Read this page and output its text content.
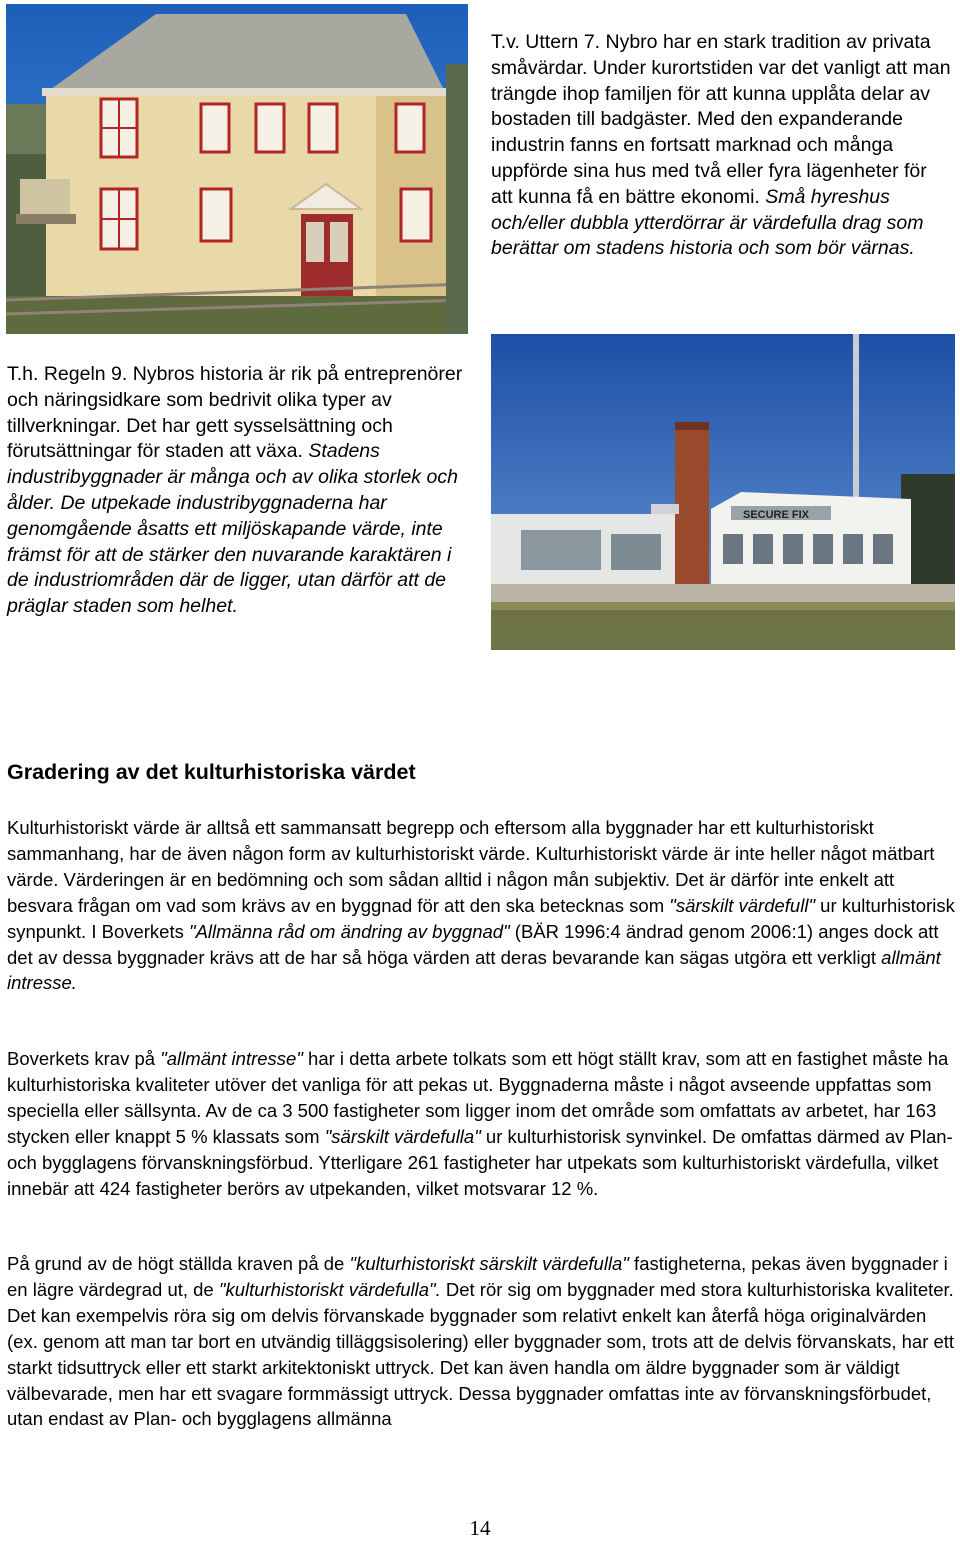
T.v. Uttern 7. Nybro har en stark tradition av privata småvärdar. Under kurortstiden var det vanligt att man trängde ihop familjen för att kunna upplåta delar av bostaden till badgäster. Med den expanderande industrin fanns en fortsatt marknad och många uppförde sina hus med två eller fyra lägenheter för att kunna få en bättre ekonomi. Små hyreshus och/eller dubbla ytterdörrar är värdefulla drag som berättar om stadens historia och som bör värnas.

T.h. Regeln 9. Nybros historia är rik på entreprenörer och näringsidkare som bedrivit olika typer av tillverkningar. Det har gett sysselsättning och förutsättningar för staden att växa. Stadens industribyggnader är många och av olika storlek och ålder. De utpekade industribyggnaderna har genomgående åsatts ett miljöskapande värde, inte främst för att de stärker den nuvarande karaktären i de industriområden där de ligger, utan därför att de präglar staden som helhet.

SECURE FIX
Gradering av det kulturhistoriska värdet

Kulturhistoriskt värde är alltså ett sammansatt begrepp och eftersom alla byggnader har ett kulturhistoriskt sammanhang, har de även någon form av kulturhistoriskt värde. Kulturhistoriskt värde är inte heller något mätbart värde. Värderingen är en bedömning och som sådan alltid i någon mån subjektiv. Det är därför inte enkelt att besvara frågan om vad som krävs av en byggnad för att den ska betecknas som "särskilt värdefull" ur kulturhistorisk synpunkt. I Boverkets "Allmänna råd om ändring av byggnad" (BÄR 1996:4 ändrad genom 2006:1) anges dock att det av dessa byggnader krävs att de har så höga värden att deras bevarande kan sägas utgöra ett verkligt allmänt intresse.

Boverkets krav på "allmänt intresse" har i detta arbete tolkats som ett högt ställt krav, som att en fastighet måste ha kulturhistoriska kvaliteter utöver det vanliga för att pekas ut. Byggnaderna måste i något avseende uppfattas som speciella eller sällsynta. Av de ca 3 500 fastigheter som ligger inom det område som omfattats av arbetet, har 163 stycken eller knappt 5 % klassats som "särskilt värdefulla" ur kulturhistorisk synvinkel. De omfattas därmed av Plan- och bygglagens förvanskningsförbud. Ytterligare 261 fastigheter har utpekats som kulturhistoriskt värdefulla, vilket innebär att 424 fastigheter berörs av utpekanden, vilket motsvarar 12 %.

På grund av de högt ställda kraven på de "kulturhistoriskt särskilt värdefulla" fastigheterna, pekas även byggnader i en lägre värdegrad ut, de "kulturhistoriskt värdefulla". Det rör sig om byggnader med stora kulturhistoriska kvaliteter. Det kan exempelvis röra sig om delvis förvanskade byggnader som relativt enkelt kan återfå höga originalvärden (ex. genom att man tar bort en utvändig tilläggsisolering) eller byggnader som, trots att de delvis förvanskats, har ett starkt tidsuttryck eller ett starkt arkitektoniskt uttryck. Det kan även handla om äldre byggnader som är väldigt välbevarade, men har ett svagare formmässigt uttryck. Dessa byggnader omfattas inte av förvanskningsförbudet, utan endast av Plan- och bygglagens allmänna

14
